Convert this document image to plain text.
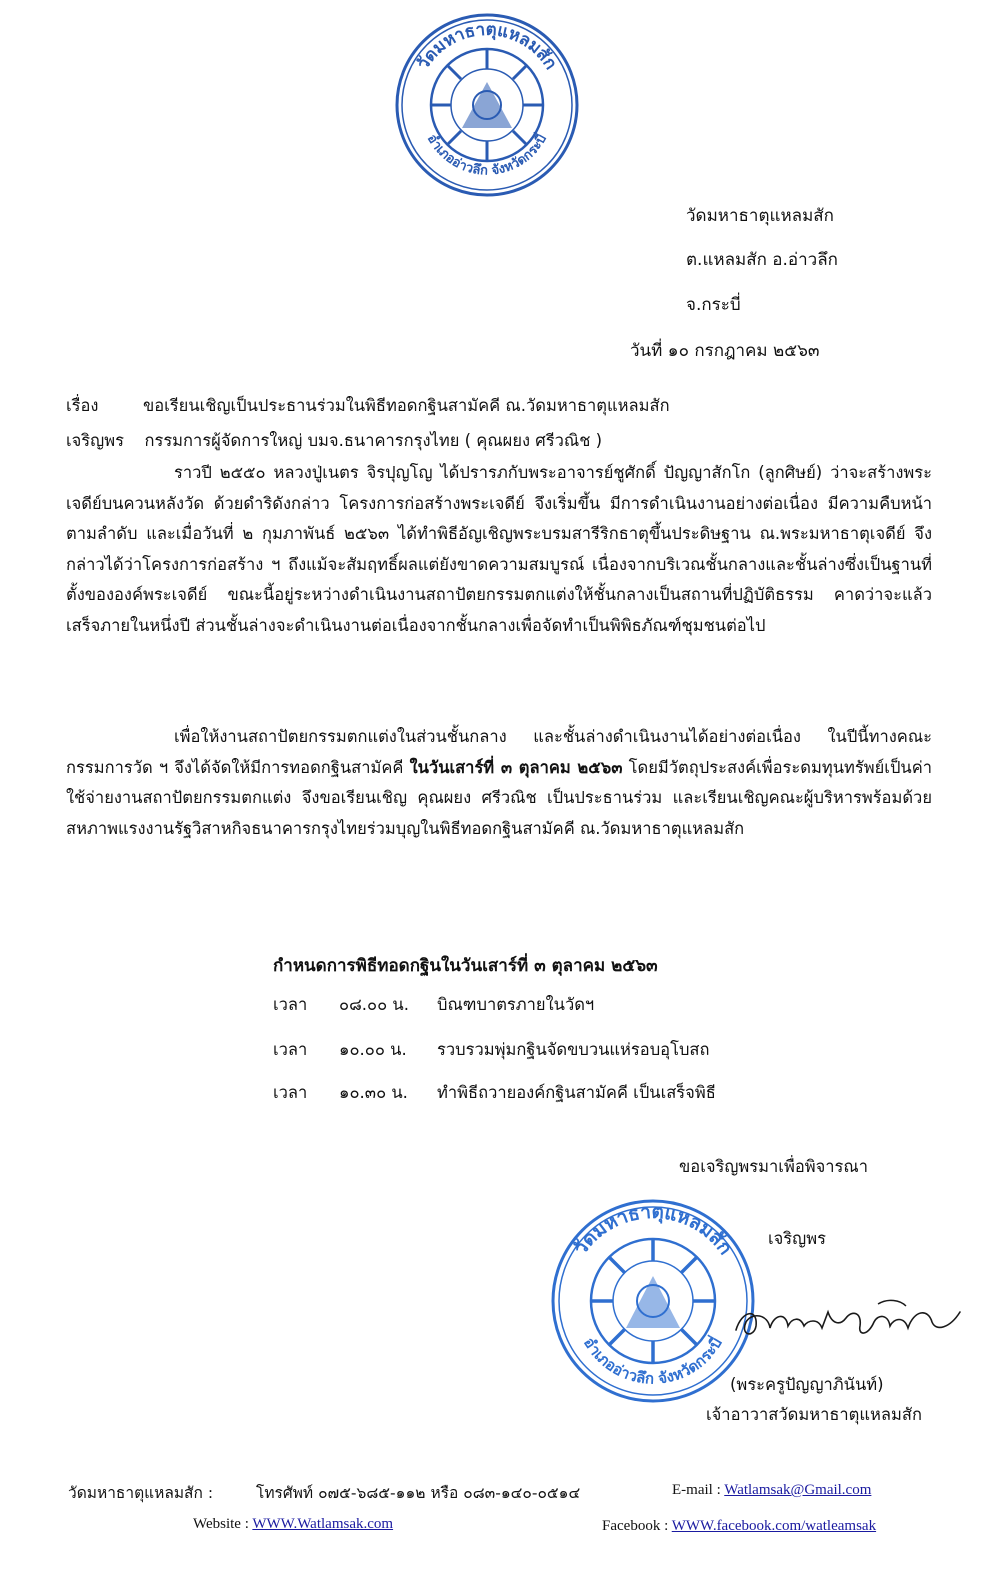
วัดมหาธาตุแหลมสัก
อำเภออ่าวลึก จังหวัดกระบี่
วัดมหาธาตุแหลมสัก
ต.แหลมสัก อ.อ่าวลึก
จ.กระบี่
วันที่ ๑๐ กรกฎาคม ๒๕๖๓
เรื่อง	ขอเรียนเชิญเป็นประธานร่วมในพิธีทอดกฐินสามัคคี ณ.วัดมหาธาตุแหลมสัก
เจริญพร กรรมการผู้จัดการใหญ่ บมจ.ธนาคารกรุงไทย ( คุณผยง ศรีวณิช )

ราวปี ๒๕๕๐ หลวงปู่เนตร จิรปุญโญ ได้ปรารภกับพระอาจารย์ชูศักดิ์ ปัญญาสักโก (ลูกศิษย์) ว่าจะสร้างพระเจดีย์บนควนหลังวัด ด้วยดำริดังกล่าว โครงการก่อสร้างพระเจดีย์ จึงเริ่มขึ้น มีการดำเนินงานอย่างต่อเนื่อง มีความคืบหน้าตามลำดับ และเมื่อวันที่ ๒ กุมภาพันธ์ ๒๕๖๓ ได้ทำพิธีอัญเชิญพระบรมสารีริกธาตุขึ้นประดิษฐาน ณ.พระมหาธาตุเจดีย์ จึงกล่าวได้ว่าโครงการก่อสร้าง ฯ ถึงแม้จะสัมฤทธิ์ผลแต่ยังขาดความสมบูรณ์ เนื่องจากบริเวณชั้นกลางและชั้นล่างซึ่งเป็นฐานที่ตั้งขององค์พระเจดีย์ ขณะนี้อยู่ระหว่างดำเนินงานสถาปัตยกรรมตกแต่งให้ชั้นกลางเป็นสถานที่ปฏิบัติธรรม คาดว่าจะแล้วเสร็จภายในหนึ่งปี ส่วนชั้นล่างจะดำเนินงานต่อเนื่องจากชั้นกลางเพื่อจัดทำเป็นพิพิธภัณฑ์ชุมชนต่อไป

เพื่อให้งานสถาปัตยกรรมตกแต่งในส่วนชั้นกลาง และชั้นล่างดำเนินงานได้อย่างต่อเนื่อง ในปีนี้ทางคณะกรรมการวัด ฯ จึงได้จัดให้มีการทอดกฐินสามัคคี ในวันเสาร์ที่ ๓ ตุลาคม ๒๕๖๓ โดยมีวัตถุประสงค์เพื่อระดมทุนทรัพย์เป็นค่าใช้จ่ายงานสถาปัตยกรรมตกแต่ง จึงขอเรียนเชิญ คุณผยง ศรีวณิช เป็นประธานร่วม และเรียนเชิญคณะผู้บริหารพร้อมด้วยสหภาพแรงงานรัฐวิสาหกิจธนาคารกรุงไทยร่วมบุญในพิธีทอดกฐินสามัคคี ณ.วัดมหาธาตุแหลมสัก

กำหนดการพิธีทอดกฐินในวันเสาร์ที่ ๓ ตุลาคม ๒๕๖๓
เวลา ๐๘.๐๐ น. บิณฑบาตรภายในวัดฯ
เวลา ๑๐.๐๐ น. รวบรวมพุ่มกฐินจัดขบวนแห่รอบอุโบสถ
เวลา ๑๐.๓๐ น. ทำพิธีถวายองค์กฐินสามัคคี เป็นเสร็จพิธี
ขอเจริญพรมาเพื่อพิจารณา
วัดมหาธาตุแหลมสัก
อำเภออ่าวลึก จังหวัดกระบี่
เจริญพร
(พระครูปัญญาภินันท์)
เจ้าอาวาสวัดมหาธาตุแหลมสัก
วัดมหาธาตุแหลมสัก :	โทรศัพท์ ๐๗๕-๖๘๕-๑๑๒ หรือ ๐๘๓-๑๔๐-๐๕๑๔	E-mail : Watlamsak@Gmail.com
Website : WWW.Watlamsak.com	Facebook : WWW.facebook.com/watleamsak
